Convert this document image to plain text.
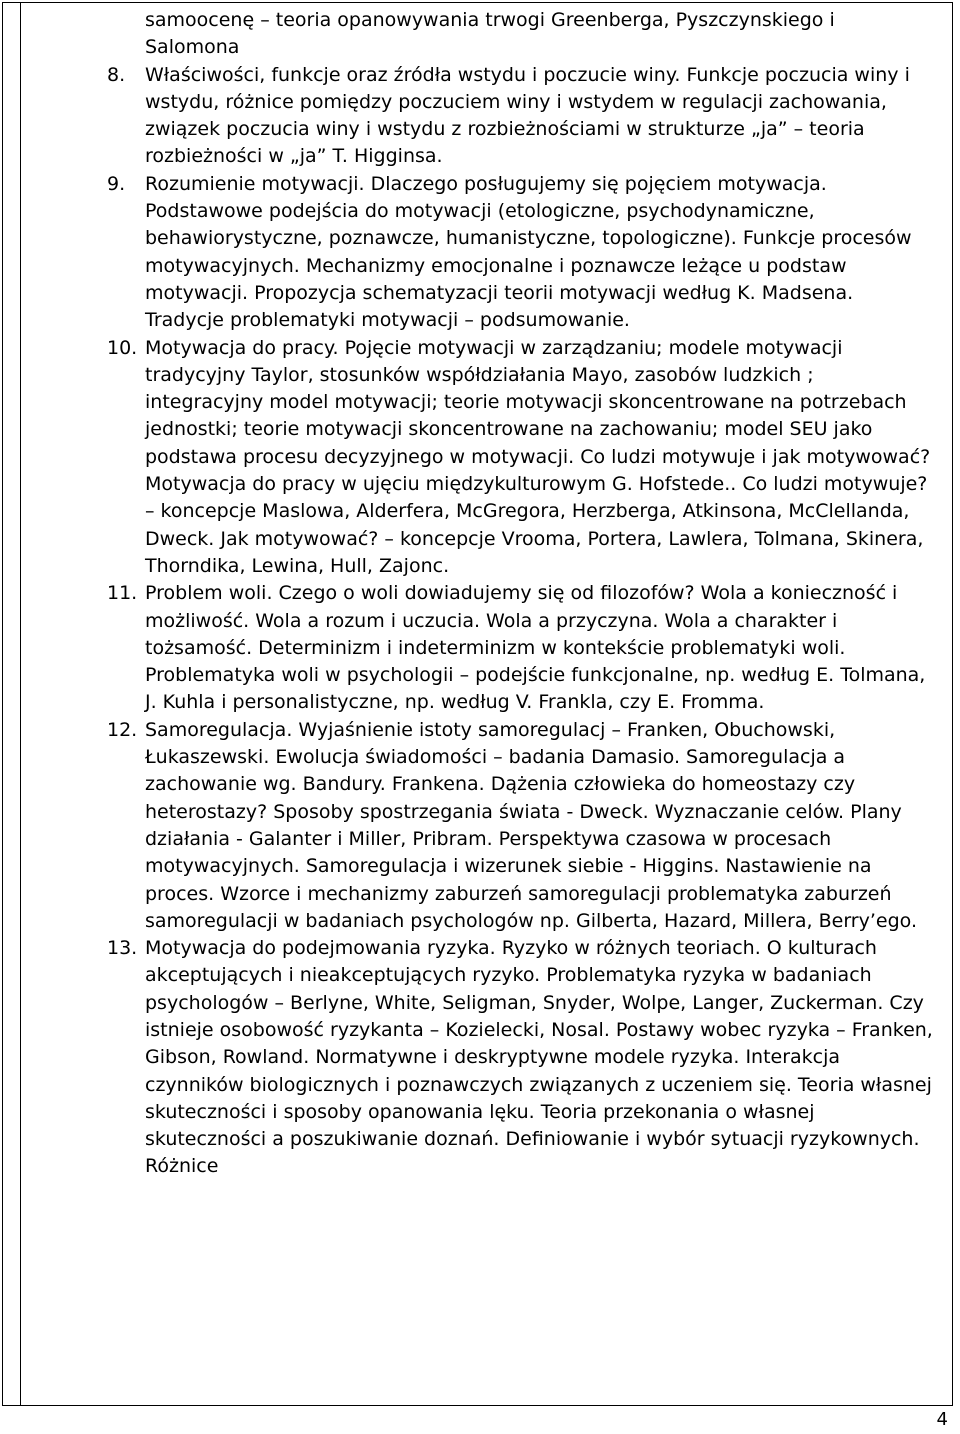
samoocenę – teoria opanowywania trwogi Greenberga, Pyszczynskiego i Salomona

8. Właściwości, funkcje oraz źródła wstydu i poczucie winy. Funkcje poczucia winy i wstydu, różnice pomiędzy poczuciem winy i wstydem w regulacji zachowania, związek poczucia winy i wstydu z rozbieżnościami w strukturze „ja” – teoria rozbieżności w „ja” T. Higginsa.

9. Rozumienie motywacji. Dlaczego posługujemy się pojęciem motywacja. Podstawowe podejścia do motywacji (etologiczne, psychodynamiczne, behawiorystyczne, poznawcze, humanistyczne, topologiczne). Funkcje procesów motywacyjnych. Mechanizmy emocjonalne i poznawcze leżące u podstaw motywacji. Propozycja schematyzacji teorii motywacji według K. Madsena. Tradycje problematyki motywacji – podsumowanie.

10. Motywacja do pracy. Pojęcie motywacji w zarządzaniu; modele motywacji tradycyjny Taylor, stosunków współdziałania Mayo, zasobów ludzkich ; integracyjny model motywacji; teorie motywacji skoncentrowane na potrzebach jednostki; teorie motywacji skoncentrowane na zachowaniu; model SEU jako podstawa procesu decyzyjnego w motywacji. Co ludzi motywuje i jak motywować? Motywacja do pracy w ujęciu międzykulturowym G. Hofstede.. Co ludzi motywuje? – koncepcje Maslowa, Alderfera, McGregora, Herzberga, Atkinsona, McClellanda, Dweck. Jak motywować? – koncepcje Vrooma, Portera, Lawlera, Tolmana, Skinera, Thorndika, Lewina, Hull, Zajonc.

11. Problem woli. Czego o woli dowiadujemy się od filozofów? Wola a konieczność i możliwość. Wola a rozum i uczucia. Wola a przyczyna. Wola a charakter i tożsamość. Determinizm i indeterminizm w kontekście problematyki woli. Problematyka woli w psychologii – podejście funkcjonalne, np. według E. Tolmana, J. Kuhla i personalistyczne, np. według V. Frankla, czy E. Fromma.

12. Samoregulacja. Wyjaśnienie istoty samoregulacj – Franken, Obuchowski, Łukaszewski. Ewolucja świadomości – badania Damasio. Samoregulacja a zachowanie wg. Bandury. Frankena. Dążenia człowieka do homeostazy czy heterostazy? Sposoby spostrzegania świata - Dweck. Wyznaczanie celów. Plany działania - Galanter i Miller, Pribram. Perspektywa czasowa w procesach motywacyjnych. Samoregulacja i wizerunek siebie - Higgins. Nastawienie na proces. Wzorce i mechanizmy zaburzeń samoregulacji problematyka zaburzeń samoregulacji w badaniach psychologów np. Gilberta, Hazard, Millera, Berry’ego.

13. Motywacja do podejmowania ryzyka. Ryzyko w różnych teoriach. O kulturach akceptujących i nieakceptujących ryzyko. Problematyka ryzyka w badaniach psychologów – Berlyne, White, Seligman, Snyder, Wolpe, Langer, Zuckerman. Czy istnieje osobowość ryzykanta – Kozielecki, Nosal. Postawy wobec ryzyka – Franken, Gibson, Rowland. Normatywne i deskryptywne modele ryzyka. Interakcja czynników biologicznych i poznawczych związanych z uczeniem się. Teoria własnej skuteczności i sposoby opanowania lęku. Teoria przekonania o własnej skuteczności a poszukiwanie doznań. Definiowanie i wybór sytuacji ryzykownych. Różnice

4
